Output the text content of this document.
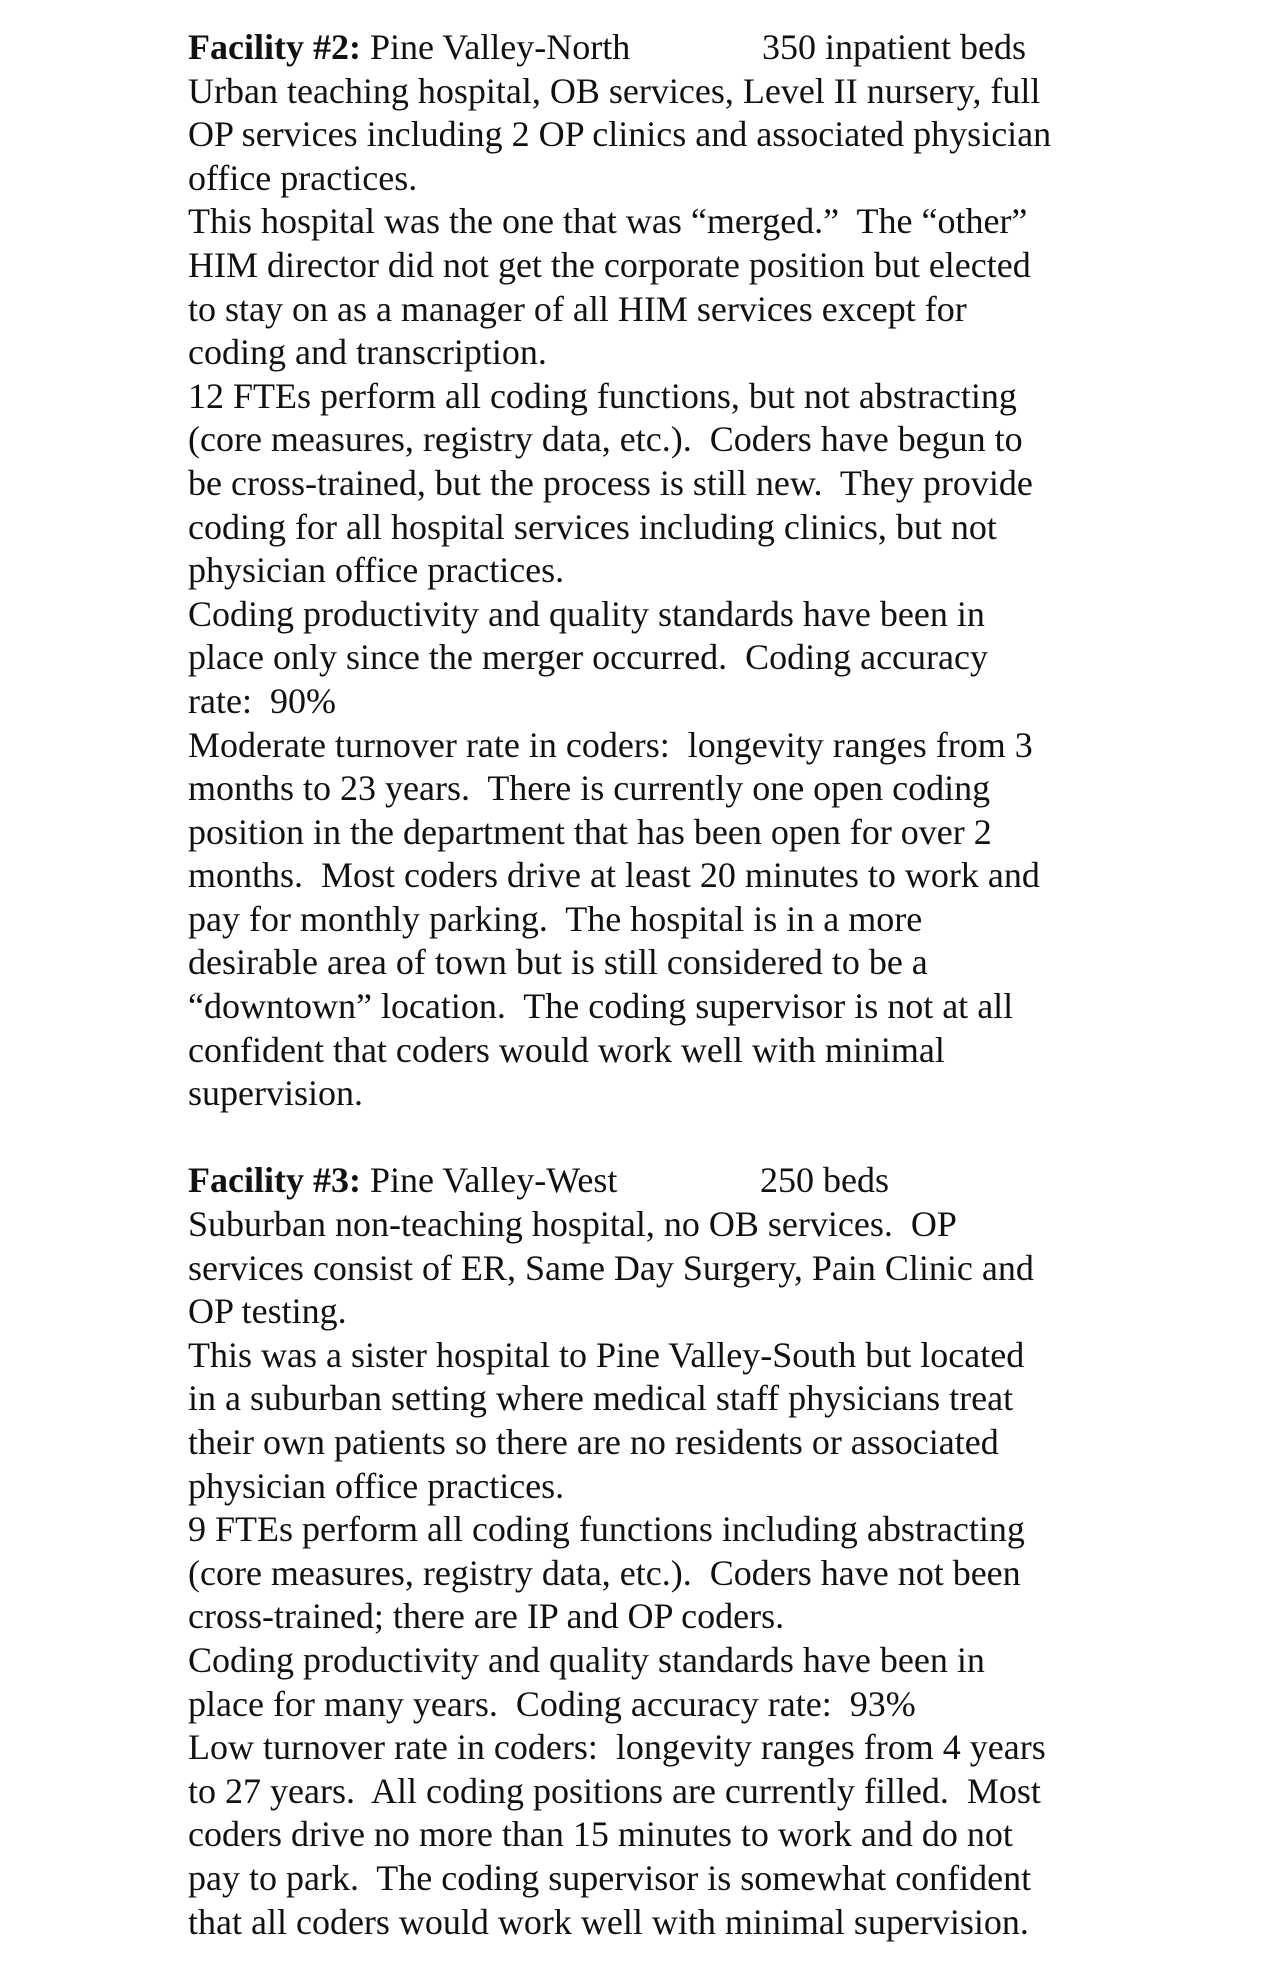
Facility #2: Pine Valley-North	350 inpatient beds
Urban teaching hospital, OB services, Level II nursery, full
OP services including 2 OP clinics and associated physician
office practices.
This hospital was the one that was “merged.”  The “other”
HIM director did not get the corporate position but elected
to stay on as a manager of all HIM services except for
coding and transcription.
12 FTEs perform all coding functions, but not abstracting
(core measures, registry data, etc.).  Coders have begun to
be cross-trained, but the process is still new.  They provide
coding for all hospital services including clinics, but not
physician office practices.
Coding productivity and quality standards have been in
place only since the merger occurred.  Coding accuracy
rate:  90%
Moderate turnover rate in coders:  longevity ranges from 3
months to 23 years.  There is currently one open coding
position in the department that has been open for over 2
months.  Most coders drive at least 20 minutes to work and
pay for monthly parking.  The hospital is in a more
desirable area of town but is still considered to be a
“downtown” location.  The coding supervisor is not at all
confident that coders would work well with minimal
supervision.
Facility #3: Pine Valley-West	250 beds
Suburban non-teaching hospital, no OB services.  OP
services consist of ER, Same Day Surgery, Pain Clinic and
OP testing.
This was a sister hospital to Pine Valley-South but located
in a suburban setting where medical staff physicians treat
their own patients so there are no residents or associated
physician office practices.
9 FTEs perform all coding functions including abstracting
(core measures, registry data, etc.).  Coders have not been
cross-trained; there are IP and OP coders.
Coding productivity and quality standards have been in
place for many years.  Coding accuracy rate:  93%
Low turnover rate in coders:  longevity ranges from 4 years
to 27 years.  All coding positions are currently filled.  Most
coders drive no more than 15 minutes to work and do not
pay to park.  The coding supervisor is somewhat confident
that all coders would work well with minimal supervision.
